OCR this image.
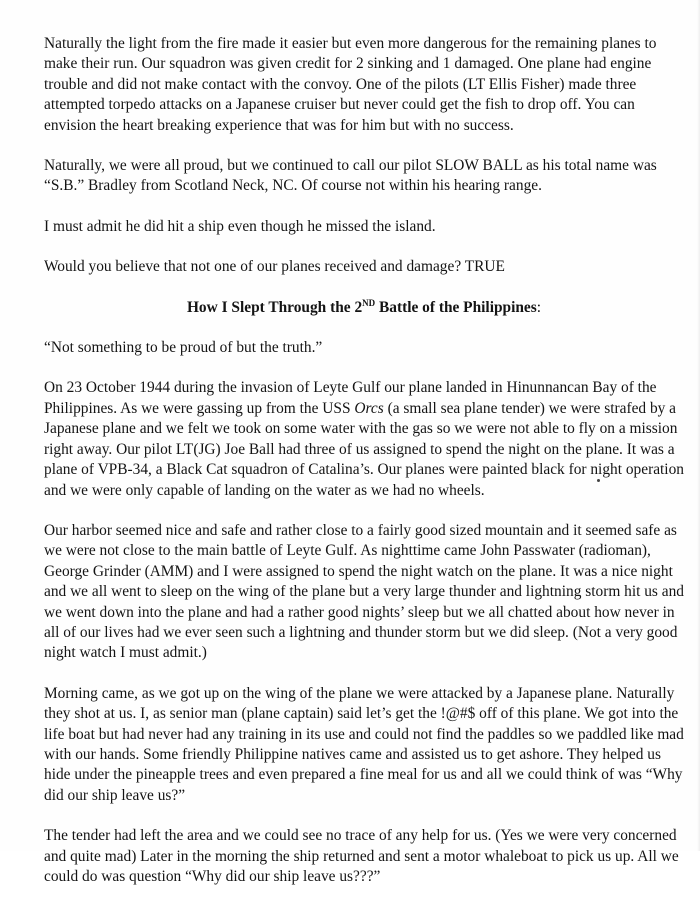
Naturally the light from the fire made it easier but even more dangerous for the remaining planes to make their run. Our squadron was given credit for 2 sinking and 1 damaged. One plane had engine trouble and did not make contact with the convoy. One of the pilots (LT Ellis Fisher) made three attempted torpedo attacks on a Japanese cruiser but never could get the fish to drop off. You can envision the heart breaking experience that was for him but with no success.

Naturally, we were all proud, but we continued to call our pilot SLOW BALL as his total name was “S.B.” Bradley from Scotland Neck, NC. Of course not within his hearing range.

I must admit he did hit a ship even though he missed the island.

Would you believe that not one of our planes received and damage? TRUE

How I Slept Through the 2ND Battle of the Philippines:

“Not something to be proud of but the truth.”

On 23 October 1944 during the invasion of Leyte Gulf our plane landed in Hinunnancan Bay of the Philippines. As we were gassing up from the USS Orcs (a small sea plane tender) we were strafed by a Japanese plane and we felt we took on some water with the gas so we were not able to fly on a mission right away. Our pilot LT(JG) Joe Ball had three of us assigned to spend the night on the plane. It was a plane of VPB-34, a Black Cat squadron of Catalina’s. Our planes were painted black for night operation and we were only capable of landing on the water as we had no wheels.

Our harbor seemed nice and safe and rather close to a fairly good sized mountain and it seemed safe as we were not close to the main battle of Leyte Gulf. As nighttime came John Passwater (radioman), George Grinder (AMM) and I were assigned to spend the night watch on the plane. It was a nice night and we all went to sleep on the wing of the plane but a very large thunder and lightning storm hit us and we went down into the plane and had a rather good nights’ sleep but we all chatted about how never in all of our lives had we ever seen such a lightning and thunder storm but we did sleep. (Not a very good night watch I must admit.)

Morning came, as we got up on the wing of the plane we were attacked by a Japanese plane. Naturally they shot at us. I, as senior man (plane captain) said let’s get the !@#$ off of this plane. We got into the life boat but had never had any training in its use and could not find the paddles so we paddled like mad with our hands. Some friendly Philippine natives came and assisted us to get ashore. They helped us hide under the pineapple trees and even prepared a fine meal for us and all we could think of was “Why did our ship leave us?”

The tender had left the area and we could see no trace of any help for us. (Yes we were very concerned and quite mad) Later in the morning the ship returned and sent a motor whaleboat to pick us up. All we could do was question “Why did our ship leave us???”
